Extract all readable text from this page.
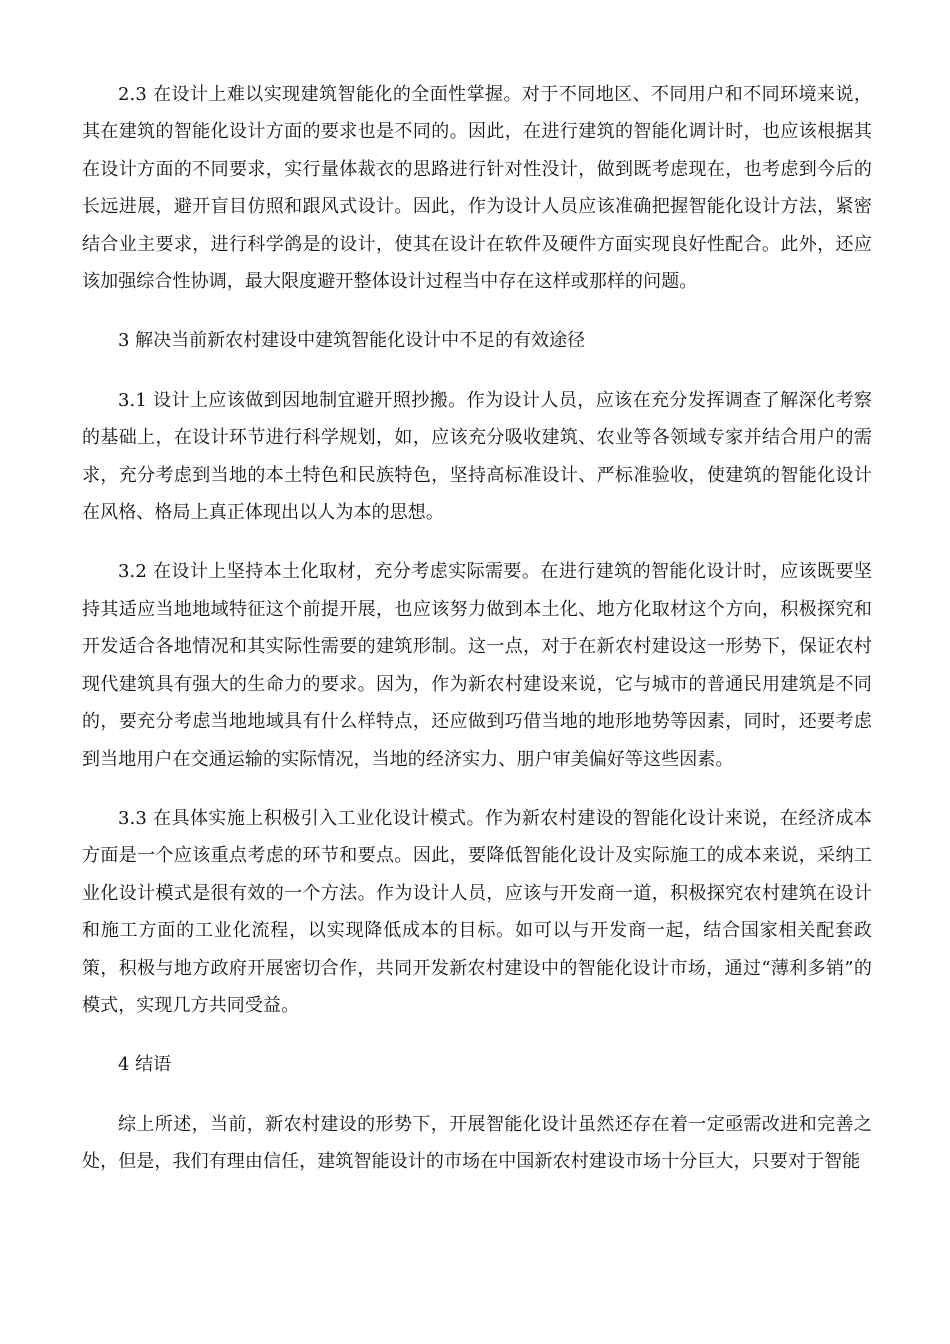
2.3 在设计上难以实现建筑智能化的全面性掌握。对于不同地区、不同用户和不同环境来说，其在建筑的智能化设计方面的要求也是不同的。因此，在进行建筑的智能化调计时，也应该根据其在设计方面的不同要求，实行量体裁衣的思路进行针对性没计，做到既考虑现在，也考虑到今后的长远进展，避开盲目仿照和跟风式设计。因此，作为设计人员应该准确把握智能化设计方法，紧密结合业主要求，进行科学鸽是的设计，使其在设计在软件及硬件方面实现良好性配合。此外，还应该加强综合性协调，最大限度避开整体设计过程当中存在这样或那样的问题。

3 解决当前新农村建设中建筑智能化设计中不足的有效途径

3.1 设计上应该做到因地制宜避开照抄搬。作为设计人员，应该在充分发挥调查了解深化考察的基础上，在设计环节进行科学规划，如，应该充分吸收建筑、农业等各领域专家并结合用户的需求，充分考虑到当地的本土特色和民族特色，坚持高标准设计、严标准验收，使建筑的智能化设计在风格、格局上真正体现出以人为本的思想。

3.2 在设计上坚持本土化取材，充分考虑实际需要。在进行建筑的智能化设计时，应该既要坚持其适应当地地域特征这个前提开展，也应该努力做到本土化、地方化取材这个方向，积极探究和开发适合各地情况和其实际性需要的建筑形制。这一点，对于在新农村建设这一形势下，保证农村现代建筑具有强大的生命力的要求。因为，作为新农村建设来说，它与城市的普通民用建筑是不同的，要充分考虑当地地域具有什么样特点，还应做到巧借当地的地形地势等因素，同时，还要考虑到当地用户在交通运输的实际情况，当地的经济实力、朋户审美偏好等这些因素。

3.3 在具体实施上积极引入工业化设计模式。作为新农村建设的智能化设计来说，在经济成本方面是一个应该重点考虑的环节和要点。因此，要降低智能化设计及实际施工的成本来说，采纳工业化设计模式是很有效的一个方法。作为设计人员，应该与开发商一道，积极探究农村建筑在设计和施工方面的工业化流程，以实现降低成本的目标。如可以与开发商一起，结合国家相关配套政策，积极与地方政府开展密切合作，共同开发新农村建设中的智能化设计市场，通过“薄利多销”的模式，实现几方共同受益。

4 结语

综上所述，当前，新农村建设的形势下，开展智能化设计虽然还存在着一定亟需改进和完善之处，但是，我们有理由信任，建筑智能设计的市场在中国新农村建设市场十分巨大，只要对于智能
